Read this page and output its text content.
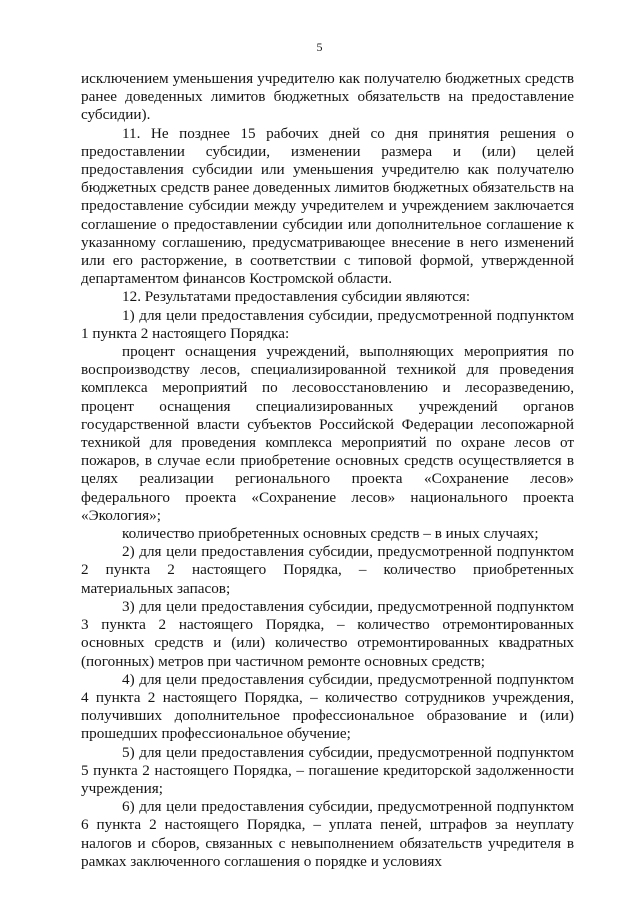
5

исключением уменьшения учредителю как получателю бюджетных средств ранее доведенных лимитов бюджетных обязательств на предоставление субсидии).

11. Не позднее 15 рабочих дней со дня принятия решения о предоставлении субсидии, изменении размера и (или) целей предоставления субсидии или уменьшения учредителю как получателю бюджетных средств ранее доведенных лимитов бюджетных обязательств на предоставление субсидии между учредителем и учреждением заключается соглашение о предоставлении субсидии или дополнительное соглашение к указанному соглашению, предусматривающее внесение в него изменений или его расторжение, в соответствии с типовой формой, утвержденной департаментом финансов Костромской области.

12. Результатами предоставления субсидии являются:

1) для цели предоставления субсидии, предусмотренной подпунктом 1 пункта 2 настоящего Порядка:

процент оснащения учреждений, выполняющих мероприятия по воспроизводству лесов, специализированной техникой для проведения комплекса мероприятий по лесовосстановлению и лесоразведению, процент оснащения специализированных учреждений органов государственной власти субъектов Российской Федерации лесопожарной техникой для проведения комплекса мероприятий по охране лесов от пожаров, в случае если приобретение основных средств осуществляется в целях реализации регионального проекта «Сохранение лесов» федерального проекта «Сохранение лесов» национального проекта «Экология»;

количество приобретенных основных средств – в иных случаях;

2) для цели предоставления субсидии, предусмотренной подпунктом 2 пункта 2 настоящего Порядка, – количество приобретенных материальных запасов;

3) для цели предоставления субсидии, предусмотренной подпунктом 3 пункта 2 настоящего Порядка, – количество отремонтированных основных средств и (или) количество отремонтированных квадратных (погонных) метров при частичном ремонте основных средств;

4) для цели предоставления субсидии, предусмотренной подпунктом 4 пункта 2 настоящего Порядка, – количество сотрудников учреждения, получивших дополнительное профессиональное образование и (или) прошедших профессиональное обучение;

5) для цели предоставления субсидии, предусмотренной подпунктом 5 пункта 2 настоящего Порядка, – погашение кредиторской задолженности учреждения;

6) для цели предоставления субсидии, предусмотренной подпунктом 6 пункта 2 настоящего Порядка, – уплата пеней, штрафов за неуплату налогов и сборов, связанных с невыполнением обязательств учредителя в рамках заключенного соглашения о порядке и условиях
